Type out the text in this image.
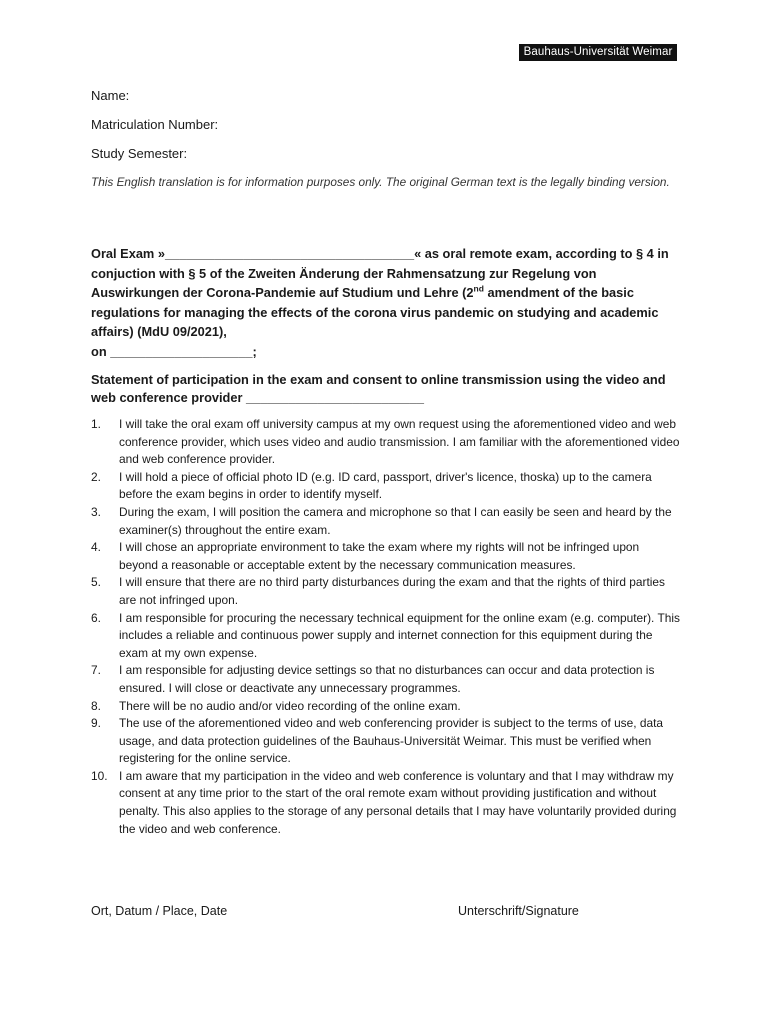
Bauhaus-Universität Weimar
Name:
Matriculation Number:
Study Semester:
This English translation is for information purposes only. The original German text is the legally binding version.
Oral Exam »___________________________________« as oral remote exam, according to § 4 in conjuction with § 5 of the Zweiten Änderung der Rahmensatzung zur Regelung von Auswirkungen der Corona-Pandemie auf Studium und Lehre (2nd amendment of the basic regulations for managing the effects of the corona virus pandemic on studying and academic affairs) (MdU 09/2021),
on ____________________;
Statement of participation in the exam and consent to online transmission using the video and web conference provider _________________________
1.	I will take the oral exam off university campus at my own request using the aforementioned video and web conference provider, which uses video and audio transmission. I am familiar with the aforementioned video and web conference provider.
2.	I will hold a piece of official photo ID (e.g. ID card, passport, driver's licence, thoska) up to the camera before the exam begins in order to identify myself.
3.	During the exam, I will position the camera and microphone so that I can easily be seen and heard by the examiner(s) throughout the entire exam.
4.	I will chose an appropriate environment to take the exam where my rights will not be infringed upon beyond a reasonable or acceptable extent by the necessary communication measures.
5.	I will ensure that there are no third party disturbances during the exam and that the rights of third parties are not infringed upon.
6.	I am responsible for procuring the necessary technical equipment for the online exam (e.g. computer). This includes a reliable and continuous power supply and internet connection for this equipment during the exam at my own expense.
7.	I am responsible for adjusting device settings so that no disturbances can occur and data protection is ensured. I will close or deactivate any unnecessary programmes.
8.	There will be no audio and/or video recording of the online exam.
9.	The use of the aforementioned video and web conferencing provider is subject to the terms of use, data usage, and data protection guidelines of the Bauhaus-Universität Weimar. This must be verified when registering for the online service.
10. I am aware that my participation in the video and web conference is voluntary and that I may withdraw my consent at any time prior to the start of the oral remote exam without providing justification and without penalty. This also applies to the storage of any personal details that I may have voluntarily provided during the video and web conference.
Ort, Datum / Place, Date	Unterschrift/Signature
